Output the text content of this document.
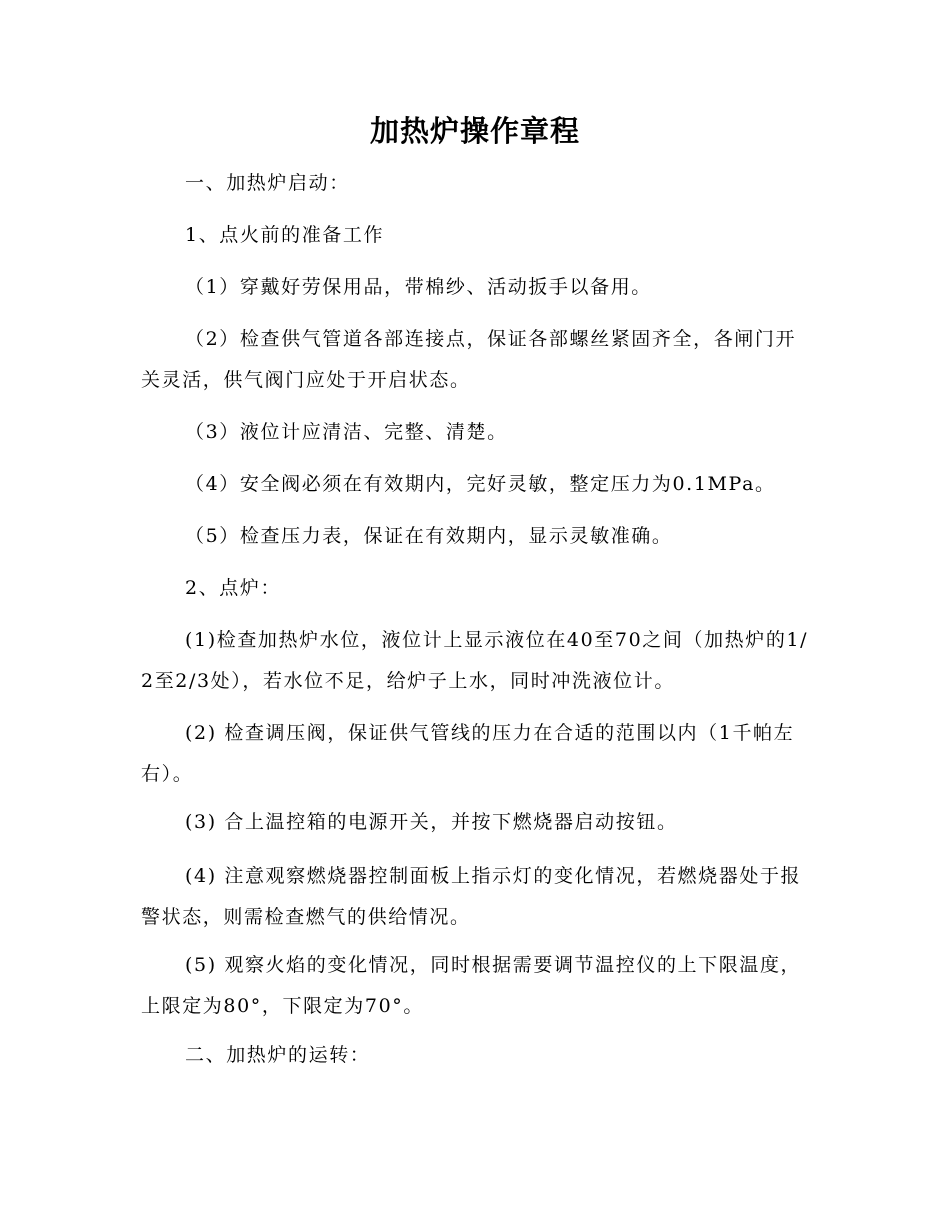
加热炉操作章程

一、加热炉启动：

1、点火前的准备工作

（1）穿戴好劳保用品，带棉纱、活动扳手以备用。

（2）检查供气管道各部连接点，保证各部螺丝紧固齐全，各闸门开关灵活，供气阀门应处于开启状态。

（3）液位计应清洁、完整、清楚。

（4）安全阀必须在有效期内，完好灵敏，整定压力为0.1MPa。

（5）检查压力表，保证在有效期内，显示灵敏准确。

2、点炉：

(1)检查加热炉水位，液位计上显示液位在40至70之间（加热炉的1/2至2/3处），若水位不足，给炉子上水，同时冲洗液位计。

(2) 检查调压阀，保证供气管线的压力在合适的范围以内（1千帕左右）。

(3) 合上温控箱的电源开关，并按下燃烧器启动按钮。

(4) 注意观察燃烧器控制面板上指示灯的变化情况，若燃烧器处于报警状态，则需检查燃气的供给情况。

(5) 观察火焰的变化情况，同时根据需要调节温控仪的上下限温度，上限定为80°，下限定为70°。

二、加热炉的运转：
